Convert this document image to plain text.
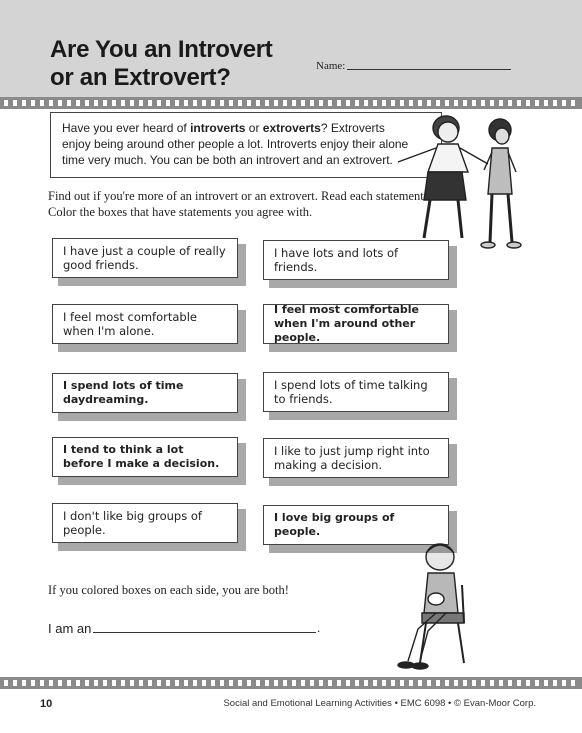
Are You an Introvert
or an Extrovert?	Name:
Have you ever heard of introverts or extroverts? Extroverts enjoy being around other people a lot. Introverts enjoy their alone time very much. You can be both an introvert and an extrovert.
Find out if you're more of an introvert or an extrovert. Read each statement. Color the boxes that have statements you agree with.
I have just a couple of really good friends.
I feel most comfortable when I'm alone.
I spend lots of time daydreaming.
I tend to think a lot before I make a decision.
I don't like big groups of people.
I have lots and lots of friends.
I feel most comfortable when I'm around other people.
I spend lots of time talking to friends.
I like to just jump right into making a decision.
I love big groups of people.
If you colored boxes on each side, you are both!
I am an	.
10	Social and Emotional Learning Activities • EMC 6098 • © Evan-Moor Corp.
